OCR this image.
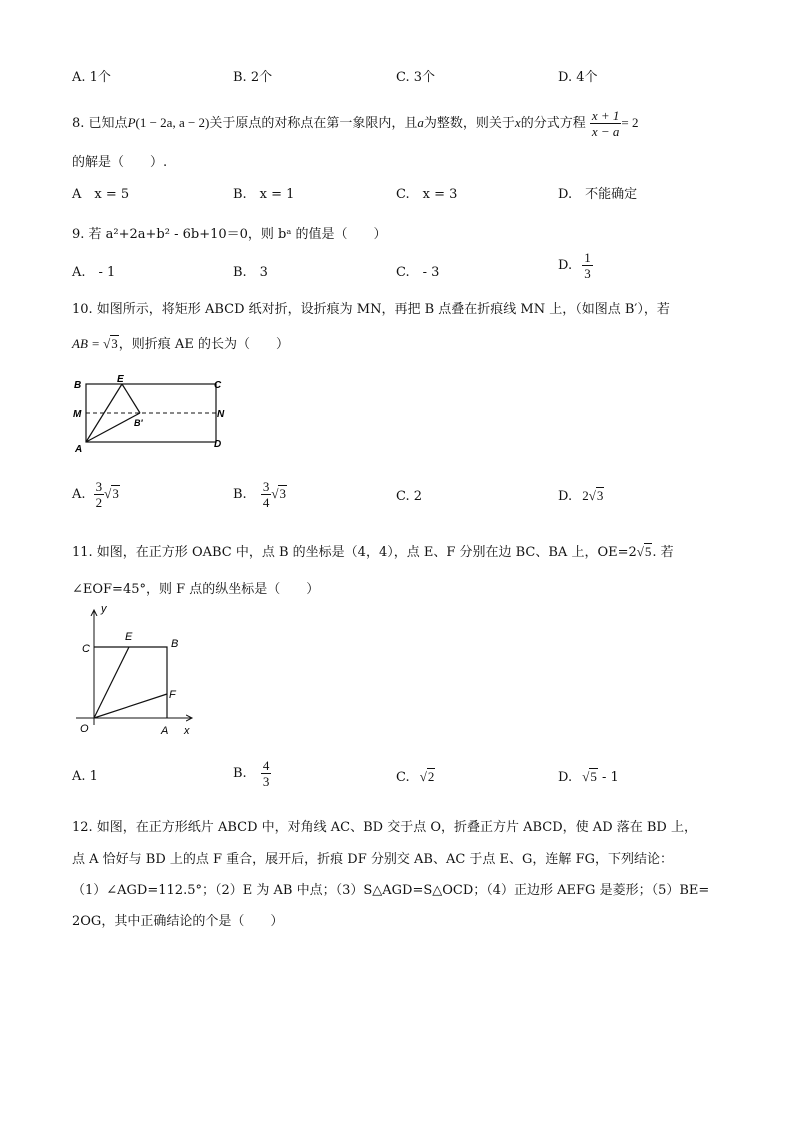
A. 1个	B. 2个	C. 3个	D. 4个
8. 已知点P(1 − 2a, a − 2)关于原点的对称点在第一象限内，且a为整数，则关于x的分式方程 $\frac{x + 1}{x - a} = 2$
的解是（　　）.
A　x = 5	B.　x = 1	C.　x = 3	D.　不能确定
9. 若 a²+2a+b² - 6b+10＝0，则 bᵃ 的值是（　　）
A.　- 1	B.　3	C.　- 3	D. $\frac{1}{3}$
10. 如图所示，将矩形 ABCD 纸对折，设折痕为 MN，再把 B 点叠在折痕线 MN 上，（如图点 B′），若
AB = √3，则折痕 AE 的长为（　　）
B
E
C
M	N
B′
A	D
A. $\frac{3}{2} √3$	B. $\frac{3}{4} √3$	C. 2	D. 2√3
11. 如图，在正方形 OABC 中，点 B 的坐标是（4，4），点 E、F 分别在边 BC、BA 上，OE=2√5. 若
∠EOF=45°，则 F 点的纵坐标是（　　）
y
x
C
E
B
F
O	A
A. 1	B. $\frac{4}{3}$	C. √2	D. √5 - 1
12. 如图，在正方形纸片 ABCD 中，对角线 AC、BD 交于点 O，折叠正方片 ABCD，使 AD 落在 BD 上，
点 A 恰好与 BD 上的点 F 重合，展开后，折痕 DF 分别交 AB、AC 于点 E、G，连解 FG，下列结论：
（1）∠AGD=112.5°；（2）E 为 AB 中点；（3）S△AGD=S△OCD；（4）正边形 AEFG 是菱形；（5）BE=
2OG，其中正确结论的个是（　　）
